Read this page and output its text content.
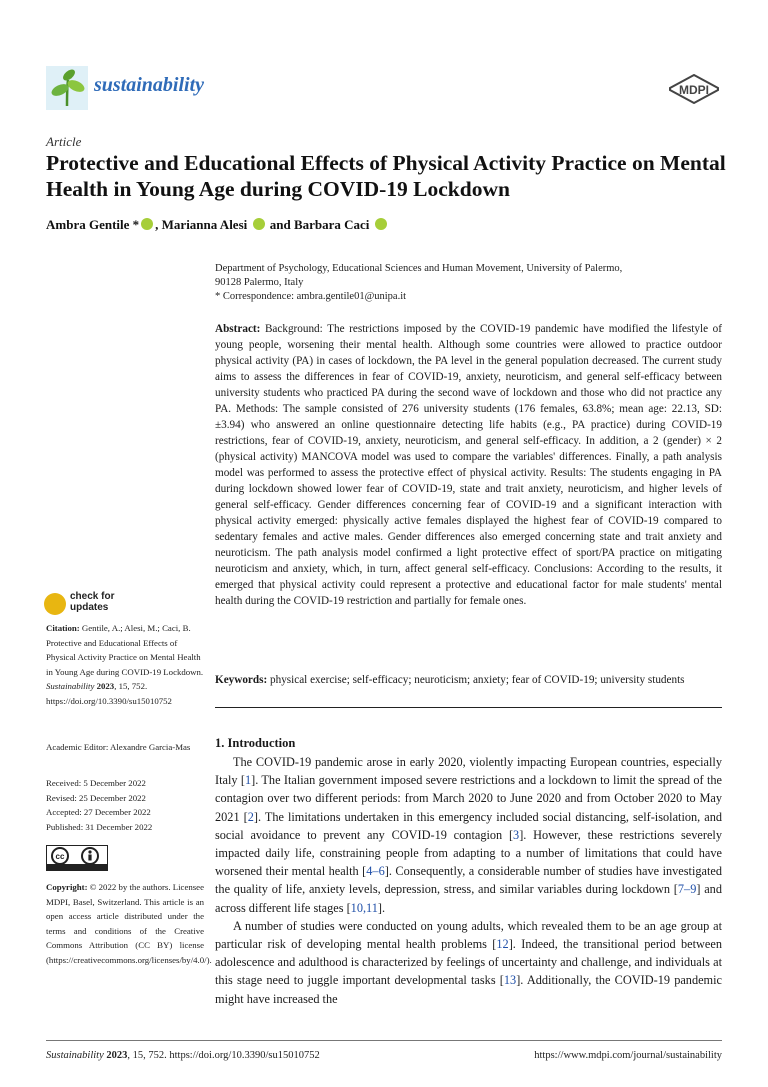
sustainability	MDPI
Article
Protective and Educational Effects of Physical Activity Practice on Mental Health in Young Age during COVID-19 Lockdown
Ambra Gentile * , Marianna Alesi  and Barbara Caci
Department of Psychology, Educational Sciences and Human Movement, University of Palermo,
90128 Palermo, Italy
* Correspondence: ambra.gentile01@unipa.it
Abstract: Background: The restrictions imposed by the COVID-19 pandemic have modified the lifestyle of young people, worsening their mental health. Although some countries were allowed to practice outdoor physical activity (PA) in cases of lockdown, the PA level in the general population decreased. The current study aims to assess the differences in fear of COVID-19, anxiety, neuroticism, and general self-efficacy between university students who practiced PA during the second wave of lockdown and those who did not practice any PA. Methods: The sample consisted of 276 university students (176 females, 63.8%; mean age: 22.13, SD: ±3.94) who answered an online questionnaire detecting life habits (e.g., PA practice) during COVID-19 restrictions, fear of COVID-19, anxiety, neuroticism, and general self-efficacy. In addition, a 2 (gender) × 2 (physical activity) MANCOVA model was used to compare the variables' differences. Finally, a path analysis model was performed to assess the protective effect of physical activity. Results: The students engaging in PA during lockdown showed lower fear of COVID-19, state and trait anxiety, neuroticism, and higher levels of general self-efficacy. Gender differences concerning fear of COVID-19 and a significant interaction with physical activity emerged: physically active females displayed the highest fear of COVID-19 compared to sedentary females and active males. Gender differences also emerged concerning state and trait anxiety and neuroticism. The path analysis model confirmed a light protective effect of sport/PA practice on mitigating neuroticism and anxiety, which, in turn, affect general self-efficacy. Conclusions: According to the results, it emerged that physical activity could represent a protective and educational factor for male students' mental health during the COVID-19 restriction and partially for female ones.
Keywords: physical exercise; self-efficacy; neuroticism; anxiety; fear of COVID-19; university students
1. Introduction

The COVID-19 pandemic arose in early 2020, violently impacting European countries, especially Italy [1]. The Italian government imposed severe restrictions and a lockdown to limit the spread of the contagion over two different periods: from March 2020 to June 2020 and from October 2020 to May 2021 [2]. The limitations undertaken in this emergency included social distancing, self-isolation, and social avoidance to prevent any COVID-19 contagion [3]. However, these restrictions severely impacted daily life, constraining people from adapting to a number of limitations that could have worsened their mental health [4–6]. Consequently, a considerable number of studies have investigated the quality of life, anxiety levels, depression, stress, and similar variables during lockdown [7–9] and across different life stages [10,11].

A number of studies were conducted on young adults, which revealed them to be an age group at particular risk of developing mental health problems [12]. Indeed, the transitional period between adolescence and adulthood is characterized by feelings of uncertainty and challenge, and individuals at this stage need to juggle important developmental tasks [13]. Additionally, the COVID-19 pandemic might have increased the

check for
updates
Citation: Gentile, A.; Alesi, M.; Caci, B. Protective and Educational Effects of Physical Activity Practice on Mental Health in Young Age during COVID-19 Lockdown. Sustainability 2023, 15, 752. https://doi.org/10.3390/su15010752
Academic Editor: Alexandre Garcia-Mas
Received: 5 December 2022
Revised: 25 December 2022
Accepted: 27 December 2022
Published: 31 December 2022
cc
Copyright: © 2022 by the authors. Licensee MDPI, Basel, Switzerland. This article is an open access article distributed under the terms and conditions of the Creative Commons Attribution (CC BY) license (https://creativecommons.org/licenses/by/4.0/).
Sustainability 2023, 15, 752. https://doi.org/10.3390/su15010752	https://www.mdpi.com/journal/sustainability
